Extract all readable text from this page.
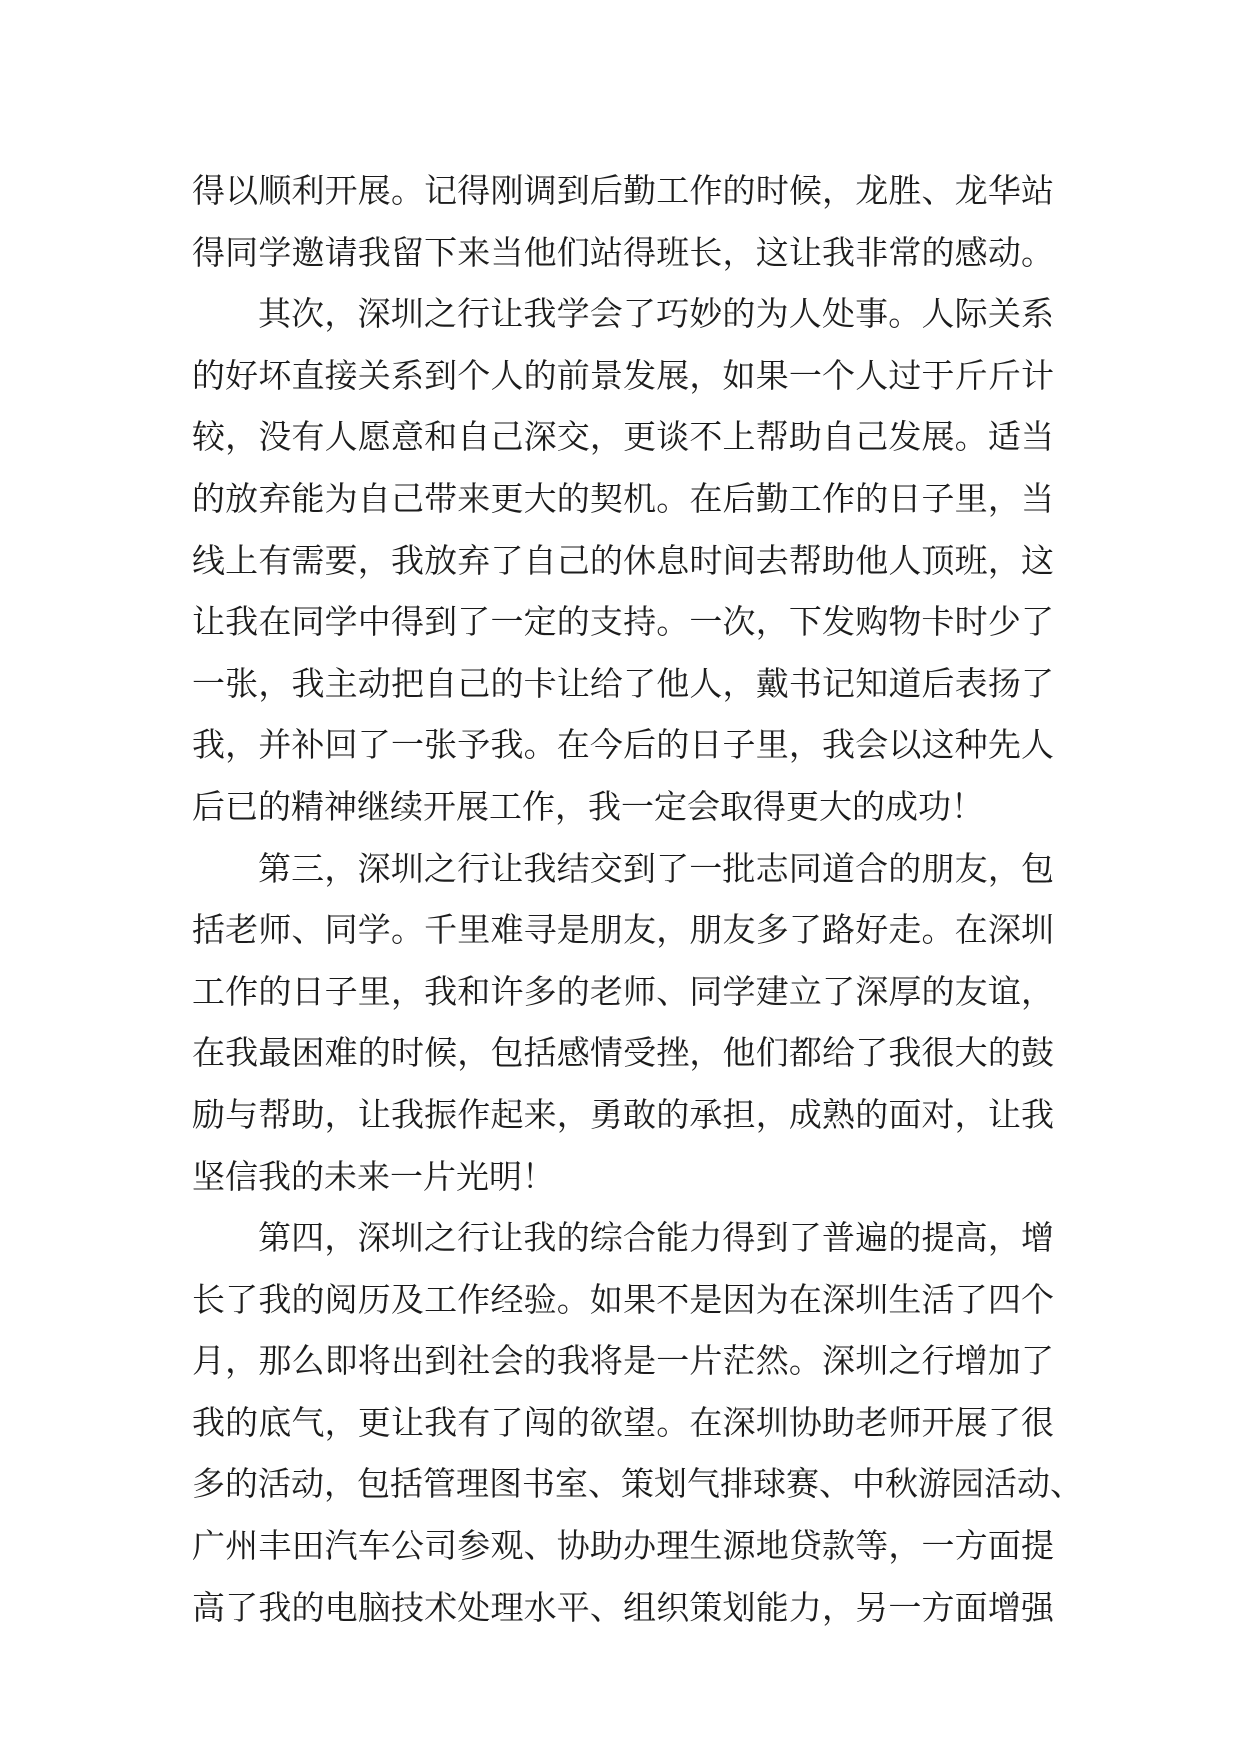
得以顺利开展。记得刚调到后勤工作的时候，龙胜、龙华站
得同学邀请我留下来当他们站得班长，这让我非常的感动。
其次，深圳之行让我学会了巧妙的为人处事。人际关系
的好坏直接关系到个人的前景发展，如果一个人过于斤斤计
较，没有人愿意和自己深交，更谈不上帮助自己发展。适当
的放弃能为自己带来更大的契机。在后勤工作的日子里，当
线上有需要，我放弃了自己的休息时间去帮助他人顶班，这
让我在同学中得到了一定的支持。一次，下发购物卡时少了
一张，我主动把自己的卡让给了他人，戴书记知道后表扬了
我，并补回了一张予我。在今后的日子里，我会以这种先人
后已的精神继续开展工作，我一定会取得更大的成功！
第三，深圳之行让我结交到了一批志同道合的朋友，包
括老师、同学。千里难寻是朋友，朋友多了路好走。在深圳
工作的日子里，我和许多的老师、同学建立了深厚的友谊，
在我最困难的时候，包括感情受挫，他们都给了我很大的鼓
励与帮助，让我振作起来，勇敢的承担，成熟的面对，让我
坚信我的未来一片光明！
第四，深圳之行让我的综合能力得到了普遍的提高，增
长了我的阅历及工作经验。如果不是因为在深圳生活了四个
月，那么即将出到社会的我将是一片茫然。深圳之行增加了
我的底气，更让我有了闯的欲望。在深圳协助老师开展了很
多的活动，包括管理图书室、策划气排球赛、中秋游园活动、
广州丰田汽车公司参观、协助办理生源地贷款等，一方面提
高了我的电脑技术处理水平、组织策划能力，另一方面增强
